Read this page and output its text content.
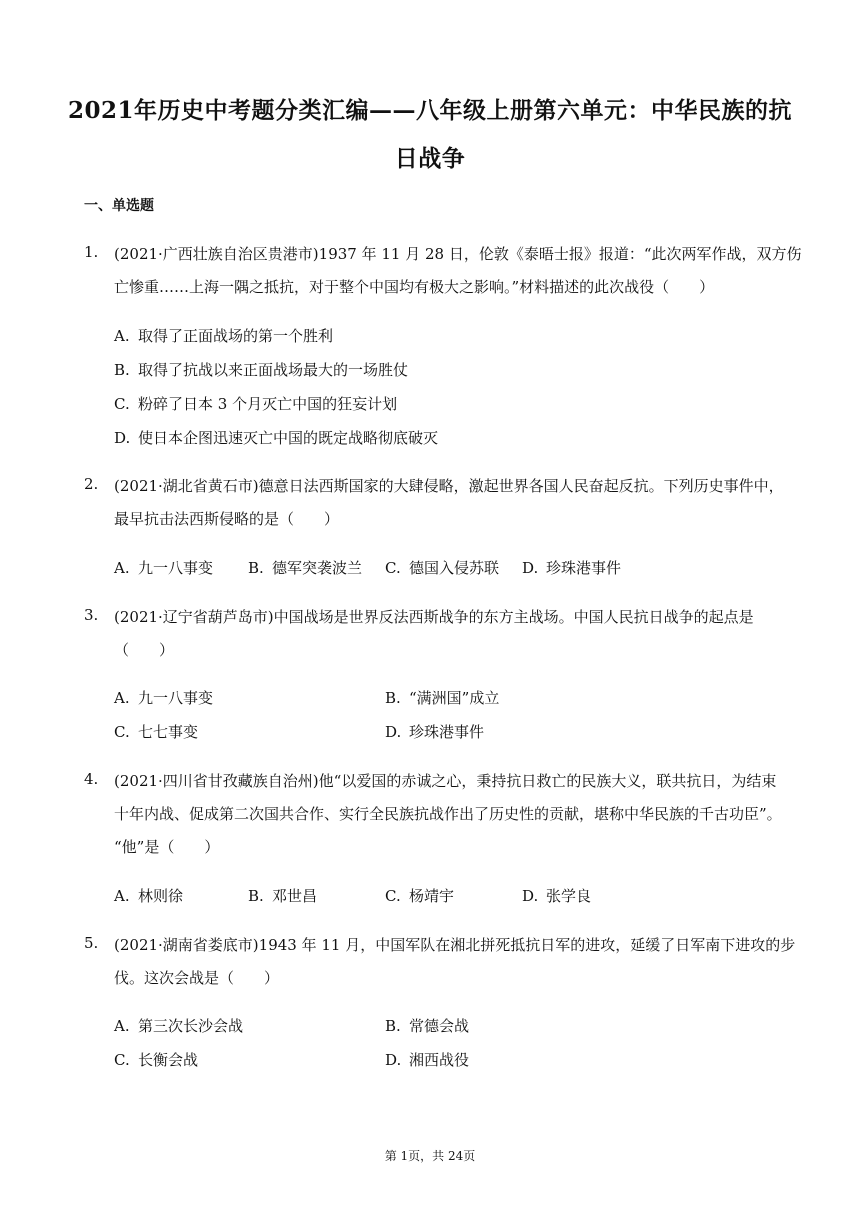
2021年历史中考题分类汇编——八年级上册第六单元：中华民族的抗
日战争
一、单选题
1. (2021·广西壮族自治区贵港市)1937 年 11 月 28 日，伦敦《泰晤士报》报道：“此次两军作战，双方伤
亡惨重……上海一隅之抵抗，对于整个中国均有极大之影响。”材料描述的此次战役（　　）
A. 取得了正面战场的第一个胜利
B. 取得了抗战以来正面战场最大的一场胜仗
C. 粉碎了日本 3 个月灭亡中国的狂妄计划
D. 使日本企图迅速灭亡中国的既定战略彻底破灭
2. (2021·湖北省黄石市)德意日法西斯国家的大肆侵略，激起世界各国人民奋起反抗。下列历史事件中，
最早抗击法西斯侵略的是（　　）
A. 九一八事变 B. 德军突袭波兰 C. 德国入侵苏联 D. 珍珠港事件
3. (2021·辽宁省葫芦岛市)中国战场是世界反法西斯战争的东方主战场。中国人民抗日战争的起点是
（　　）
A. 九一八事变	B. “满洲国”成立
C. 七七事变	D. 珍珠港事件
4. (2021·四川省甘孜藏族自治州)他“以爱国的赤诚之心，秉持抗日救亡的民族大义，联共抗日，为结束
十年内战、促成第二次国共合作、实行全民族抗战作出了历史性的贡献，堪称中华民族的千古功臣”。
“他”是（　　）
A. 林则徐	B. 邓世昌	C. 杨靖宇	D. 张学良
5. (2021·湖南省娄底市)1943 年 11 月，中国军队在湘北拼死抵抗日军的进攻，延缓了日军南下进攻的步
伐。这次会战是（　　）
A. 第三次长沙会战	B. 常德会战
C. 长衡会战	D. 湘西战役
第 1页，共 24页
